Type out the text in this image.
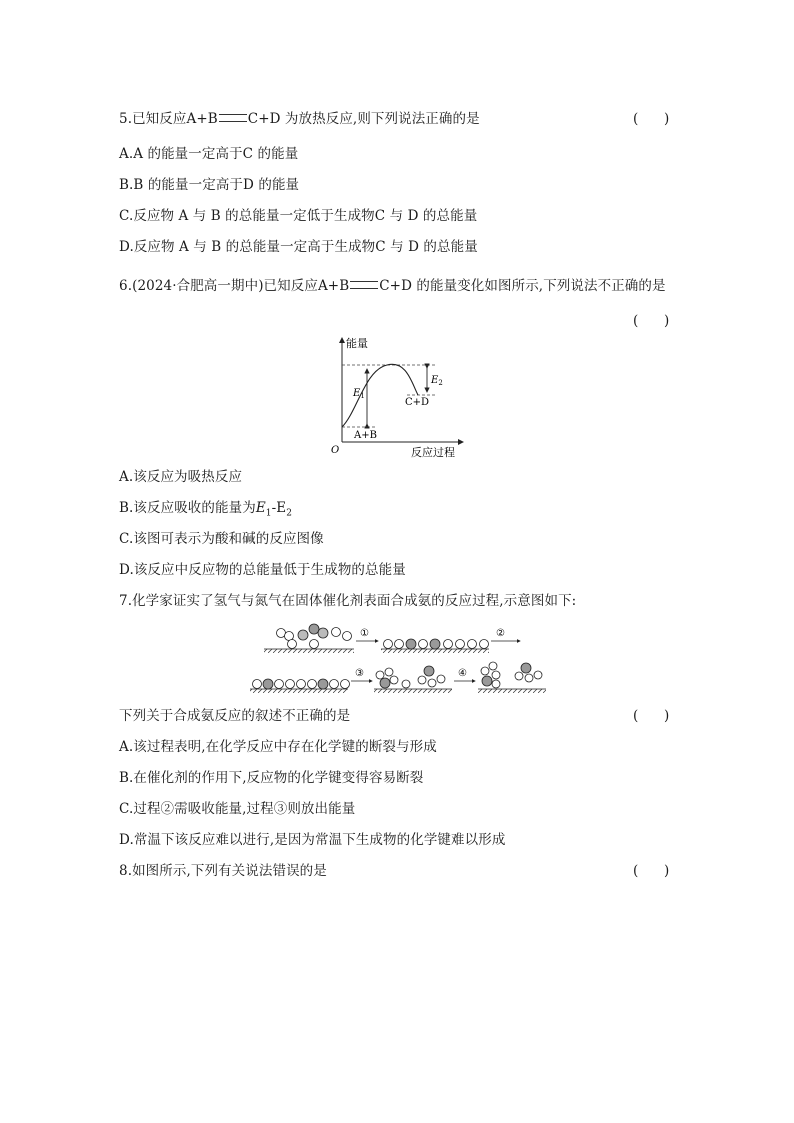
5.已知反应A+B C+D 为放热反应,则下列说法正确的是	(      )
A.A 的能量一定高于C 的能量
B.B 的能量一定高于D 的能量
C.反应物 A 与 B 的总能量一定低于生成物C 与 D 的总能量
D.反应物 A 与 B 的总能量一定高于生成物C 与 D 的总能量
6.(2024·合肥高一期中)已知反应A+B C+D 的能量变化如图所示,下列说法不正确的是
(      )
能量
反应过程
O
$E_1$
$E_2$
A+B
C+D
A.该反应为吸热反应
B.该反应吸收的能量为$E_1-E_2$
C.该图可表示为酸和碱的反应图像
D.该反应中反应物的总能量低于生成物的总能量
7.化学家证实了氢气与氮气在固体催化剂表面合成氨的反应过程,示意图如下:
①	②
③	④
下列关于合成氨反应的叙述不正确的是	(      )
A.该过程表明,在化学反应中存在化学键的断裂与形成
B.在催化剂的作用下,反应物的化学键变得容易断裂
C.过程②需吸收能量,过程③则放出能量
D.常温下该反应难以进行,是因为常温下生成物的化学键难以形成
8.如图所示,下列有关说法错误的是	(      )
